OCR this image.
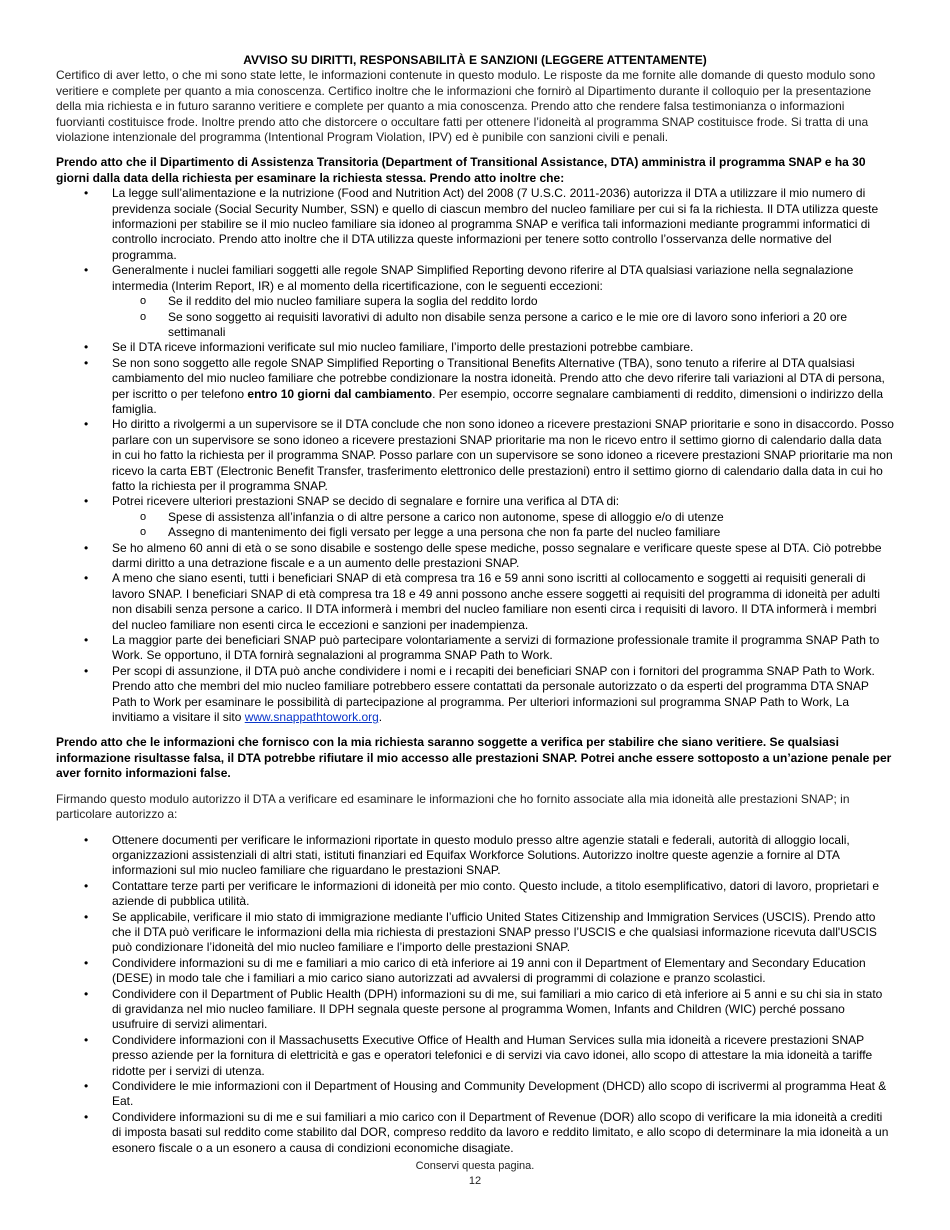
AVVISO SU DIRITTI, RESPONSABILITÀ E SANZIONI (LEGGERE ATTENTAMENTE)

Certifico di aver letto, o che mi sono state lette, le informazioni contenute in questo modulo. Le risposte da me fornite alle domande di questo modulo sono veritiere e complete per quanto a mia conoscenza. Certifico inoltre che le informazioni che fornirò al Dipartimento durante il colloquio per la presentazione della mia richiesta e in futuro saranno veritiere e complete per quanto a mia conoscenza. Prendo atto che rendere falsa testimonianza o informazioni fuorvianti costituisce frode. Inoltre prendo atto che distorcere o occultare fatti per ottenere l’idoneità al programma SNAP costituisce frode. Si tratta di una violazione intenzionale del programma (Intentional Program Violation, IPV) ed è punibile con sanzioni civili e penali.

Prendo atto che il Dipartimento di Assistenza Transitoria (Department of Transitional Assistance, DTA) amministra il programma SNAP e ha 30 giorni dalla data della richiesta per esaminare la richiesta stessa. Prendo atto inoltre che:

• La legge sull’alimentazione e la nutrizione (Food and Nutrition Act) del 2008 (7 U.S.C. 2011-2036) autorizza il DTA a utilizzare il mio numero di previdenza sociale (Social Security Number, SSN) e quello di ciascun membro del nucleo familiare per cui si fa la richiesta. Il DTA utilizza queste informazioni per stabilire se il mio nucleo familiare sia idoneo al programma SNAP e verifica tali informazioni mediante programmi informatici di controllo incrociato. Prendo atto inoltre che il DTA utilizza queste informazioni per tenere sotto controllo l’osservanza delle normative del programma.
• Generalmente i nuclei familiari soggetti alle regole SNAP Simplified Reporting devono riferire al DTA qualsiasi variazione nella segnalazione intermedia (Interim Report, IR) e al momento della ricertificazione, con le seguenti eccezioni:
o Se il reddito del mio nucleo familiare supera la soglia del reddito lordo
o Se sono soggetto ai requisiti lavorativi di adulto non disabile senza persone a carico e le mie ore di lavoro sono inferiori a 20 ore settimanali
• Se il DTA riceve informazioni verificate sul mio nucleo familiare, l’importo delle prestazioni potrebbe cambiare.
• Se non sono soggetto alle regole SNAP Simplified Reporting o Transitional Benefits Alternative (TBA), sono tenuto a riferire al DTA qualsiasi cambiamento del mio nucleo familiare che potrebbe condizionare la nostra idoneità. Prendo atto che devo riferire tali variazioni al DTA di persona, per iscritto o per telefono entro 10 giorni dal cambiamento. Per esempio, occorre segnalare cambiamenti di reddito, dimensioni o indirizzo della famiglia.
• Ho diritto a rivolgermi a un supervisore se il DTA conclude che non sono idoneo a ricevere prestazioni SNAP prioritarie e sono in disaccordo. Posso parlare con un supervisore se sono idoneo a ricevere prestazioni SNAP prioritarie ma non le ricevo entro il settimo giorno di calendario dalla data in cui ho fatto la richiesta per il programma SNAP. Posso parlare con un supervisore se sono idoneo a ricevere prestazioni SNAP prioritarie ma non ricevo la carta EBT (Electronic Benefit Transfer, trasferimento elettronico delle prestazioni) entro il settimo giorno di calendario dalla data in cui ho fatto la richiesta per il programma SNAP.
• Potrei ricevere ulteriori prestazioni SNAP se decido di segnalare e fornire una verifica al DTA di:
o Spese di assistenza all’infanzia o di altre persone a carico non autonome, spese di alloggio e/o di utenze
o Assegno di mantenimento dei figli versato per legge a una persona che non fa parte del nucleo familiare
• Se ho almeno 60 anni di età o se sono disabile e sostengo delle spese mediche, posso segnalare e verificare queste spese al DTA. Ciò potrebbe darmi diritto a una detrazione fiscale e a un aumento delle prestazioni SNAP.
• A meno che siano esenti, tutti i beneficiari SNAP di età compresa tra 16 e 59 anni sono iscritti al collocamento e soggetti ai requisiti generali di lavoro SNAP. I beneficiari SNAP di età compresa tra 18 e 49 anni possono anche essere soggetti ai requisiti del programma di idoneità per adulti non disabili senza persone a carico. Il DTA informerà i membri del nucleo familiare non esenti circa i requisiti di lavoro. Il DTA informerà i membri del nucleo familiare non esenti circa le eccezioni e sanzioni per inadempienza.
• La maggior parte dei beneficiari SNAP può partecipare volontariamente a servizi di formazione professionale tramite il programma SNAP Path to Work. Se opportuno, il DTA fornirà segnalazioni al programma SNAP Path to Work.
• Per scopi di assunzione, il DTA può anche condividere i nomi e i recapiti dei beneficiari SNAP con i fornitori del programma SNAP Path to Work. Prendo atto che membri del mio nucleo familiare potrebbero essere contattati da personale autorizzato o da esperti del programma DTA SNAP Path to Work per esaminare le possibilità di partecipazione al programma. Per ulteriori informazioni sul programma SNAP Path to Work, La invitiamo a visitare il sito www.snappathtowork.org.

Prendo atto che le informazioni che fornisco con la mia richiesta saranno soggette a verifica per stabilire che siano veritiere. Se qualsiasi informazione risultasse falsa, il DTA potrebbe rifiutare il mio accesso alle prestazioni SNAP. Potrei anche essere sottoposto a un’azione penale per aver fornito informazioni false.

Firmando questo modulo autorizzo il DTA a verificare ed esaminare le informazioni che ho fornito associate alla mia idoneità alle prestazioni SNAP; in particolare autorizzo a:

• Ottenere documenti per verificare le informazioni riportate in questo modulo presso altre agenzie statali e federali, autorità di alloggio locali, organizzazioni assistenziali di altri stati, istituti finanziari ed Equifax Workforce Solutions. Autorizzo inoltre queste agenzie a fornire al DTA informazioni sul mio nucleo familiare che riguardano le prestazioni SNAP.
• Contattare terze parti per verificare le informazioni di idoneità per mio conto. Questo include, a titolo esemplificativo, datori di lavoro, proprietari e aziende di pubblica utilità.
• Se applicabile, verificare il mio stato di immigrazione mediante l’ufficio United States Citizenship and Immigration Services (USCIS). Prendo atto che il DTA può verificare le informazioni della mia richiesta di prestazioni SNAP presso l’USCIS e che qualsiasi informazione ricevuta dall'USCIS può condizionare l’idoneità del mio nucleo familiare e l’importo delle prestazioni SNAP.
• Condividere informazioni su di me e familiari a mio carico di età inferiore ai 19 anni con il Department of Elementary and Secondary Education (DESE) in modo tale che i familiari a mio carico siano autorizzati ad avvalersi di programmi di colazione e pranzo scolastici.
• Condividere con il Department of Public Health (DPH) informazioni su di me, sui familiari a mio carico di età inferiore ai 5 anni e su chi sia in stato di gravidanza nel mio nucleo familiare. Il DPH segnala queste persone al programma Women, Infants and Children (WIC) perché possano usufruire di servizi alimentari.
• Condividere informazioni con il Massachusetts Executive Office of Health and Human Services sulla mia idoneità a ricevere prestazioni SNAP presso aziende per la fornitura di elettricità e gas e operatori telefonici e di servizi via cavo idonei, allo scopo di attestare la mia idoneità a tariffe ridotte per i servizi di utenza.
• Condividere le mie informazioni con il Department of Housing and Community Development (DHCD) allo scopo di iscrivermi al programma Heat & Eat.
• Condividere informazioni su di me e sui familiari a mio carico con il Department of Revenue (DOR) allo scopo di verificare la mia idoneità a crediti di imposta basati sul reddito come stabilito dal DOR, compreso reddito da lavoro e reddito limitato, e allo scopo di determinare la mia idoneità a un esonero fiscale o a un esonero a causa di condizioni economiche disagiate.
Conservi questa pagina.
12
